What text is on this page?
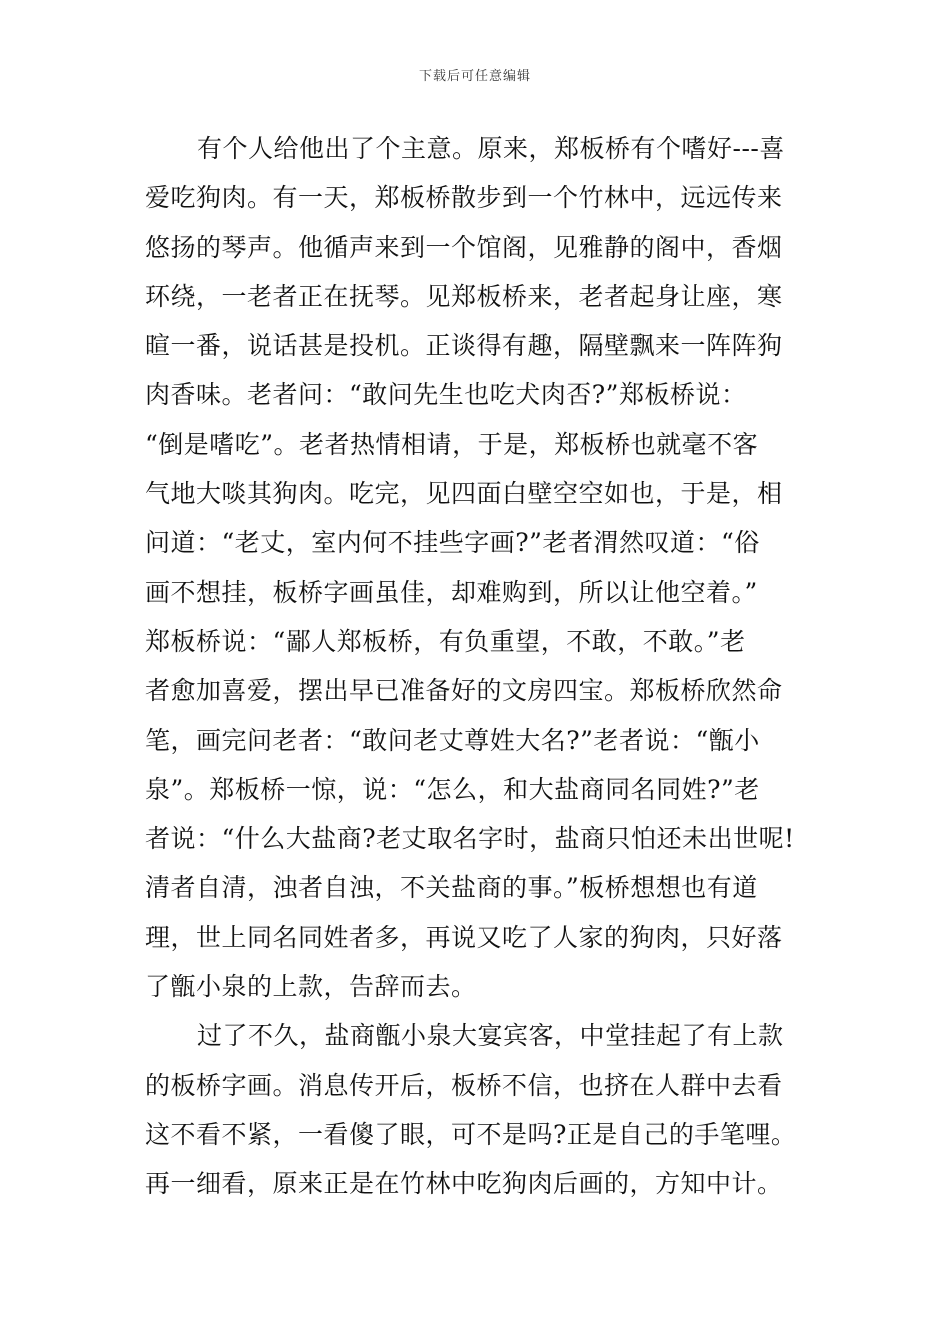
下载后可任意编辑
有个人给他出了个主意。原来，郑板桥有个嗜好---喜
爱吃狗肉。有一天，郑板桥散步到一个竹林中，远远传来
悠扬的琴声。他循声来到一个馆阁，见雅静的阁中，香烟
环绕，一老者正在抚琴。见郑板桥来，老者起身让座，寒
暄一番，说话甚是投机。正谈得有趣，隔壁飘来一阵阵狗
肉香味。老者问：“敢问先生也吃犬肉否?”郑板桥说：
“倒是嗜吃”。老者热情相请，于是，郑板桥也就毫不客
气地大啖其狗肉。吃完，见四面白壁空空如也，于是，相
问道：“老丈，室内何不挂些字画?”老者渭然叹道：“俗
画不想挂，板桥字画虽佳，却难购到，所以让他空着。”
郑板桥说：“鄙人郑板桥，有负重望，不敢，不敢。”老
者愈加喜爱，摆出早已准备好的文房四宝。郑板桥欣然命
笔，画完问老者：“敢问老丈尊姓大名?”老者说：“甑小
泉”。郑板桥一惊，说：“怎么，和大盐商同名同姓?”老
者说：“什么大盐商?老丈取名字时，盐商只怕还未出世呢!
清者自清，浊者自浊，不关盐商的事。”板桥想想也有道
理，世上同名同姓者多，再说又吃了人家的狗肉，只好落
了甑小泉的上款，告辞而去。
过了不久，盐商甑小泉大宴宾客，中堂挂起了有上款
的板桥字画。消息传开后，板桥不信，也挤在人群中去看
这不看不紧，一看傻了眼，可不是吗?正是自己的手笔哩。
再一细看，原来正是在竹林中吃狗肉后画的，方知中计。
